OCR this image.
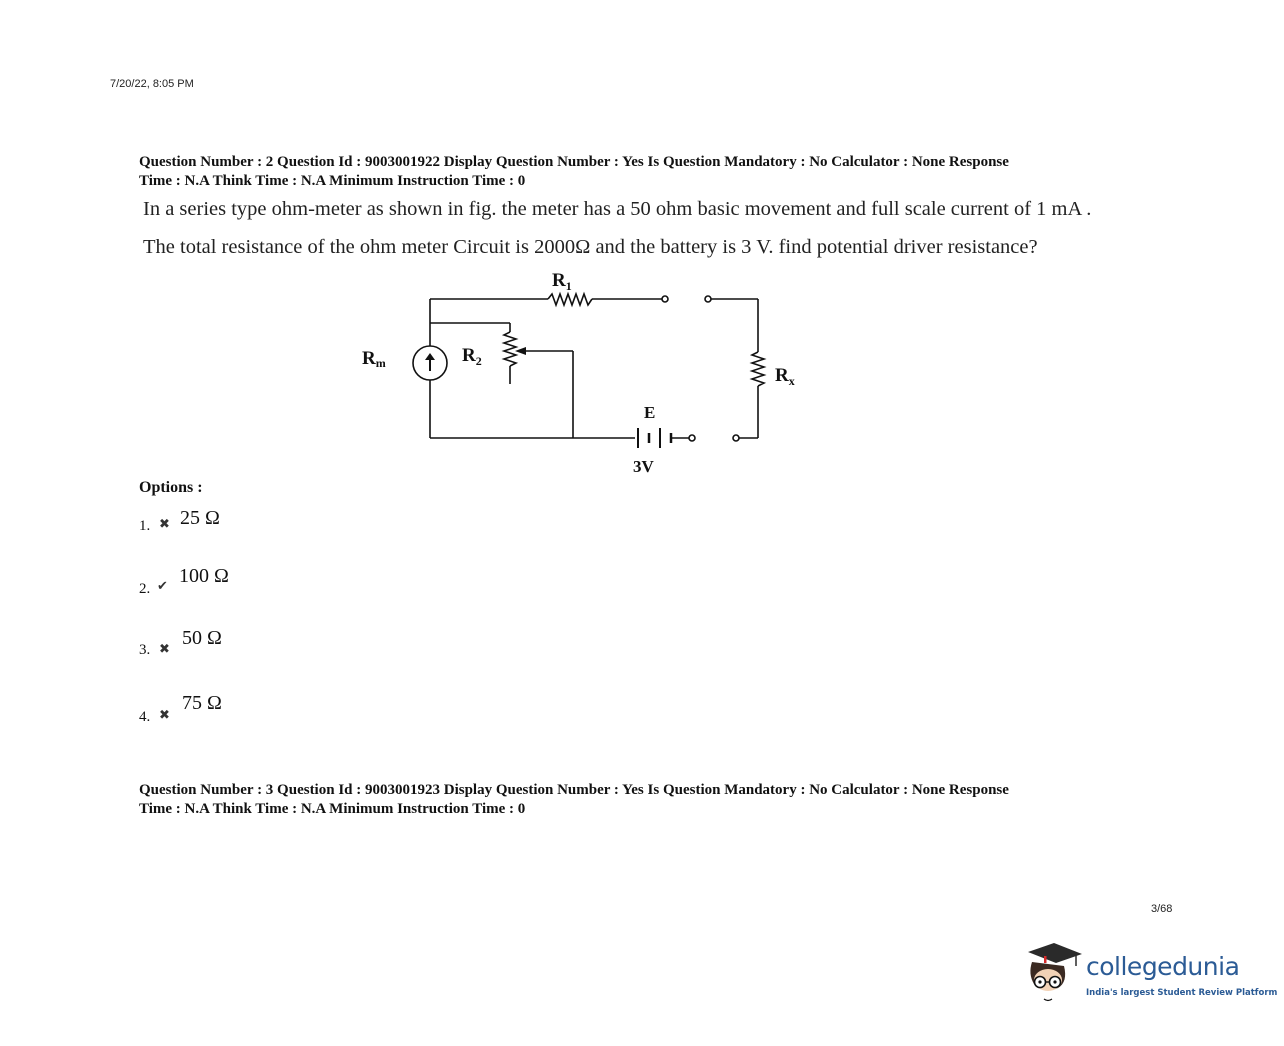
7/20/22, 8:05 PM
Question Number : 2 Question Id : 9003001922 Display Question Number : Yes Is Question Mandatory : No Calculator : None Response
Time : N.A Think Time : N.A Minimum Instruction Time : 0
In a series type ohm-meter as shown in fig. the meter has a 50 ohm basic movement and full scale current of 1 mA .
The total resistance of the ohm meter Circuit is 2000Ω and the battery is 3 V. find potential driver resistance?
$R_1$
$R_2$
Rm
$R_x$
E
3V
Options :
1. ✖ 25 Ω
2. ✔ 100 Ω
3. ✖ 50 Ω
4. ✖
75 Ω
Question Number : 3 Question Id : 9003001923 Display Question Number : Yes Is Question Mandatory : No Calculator : None Response
Time : N.A Think Time : N.A Minimum Instruction Time : 0
3/68
collegedunia
India's largest Student Review Platform
